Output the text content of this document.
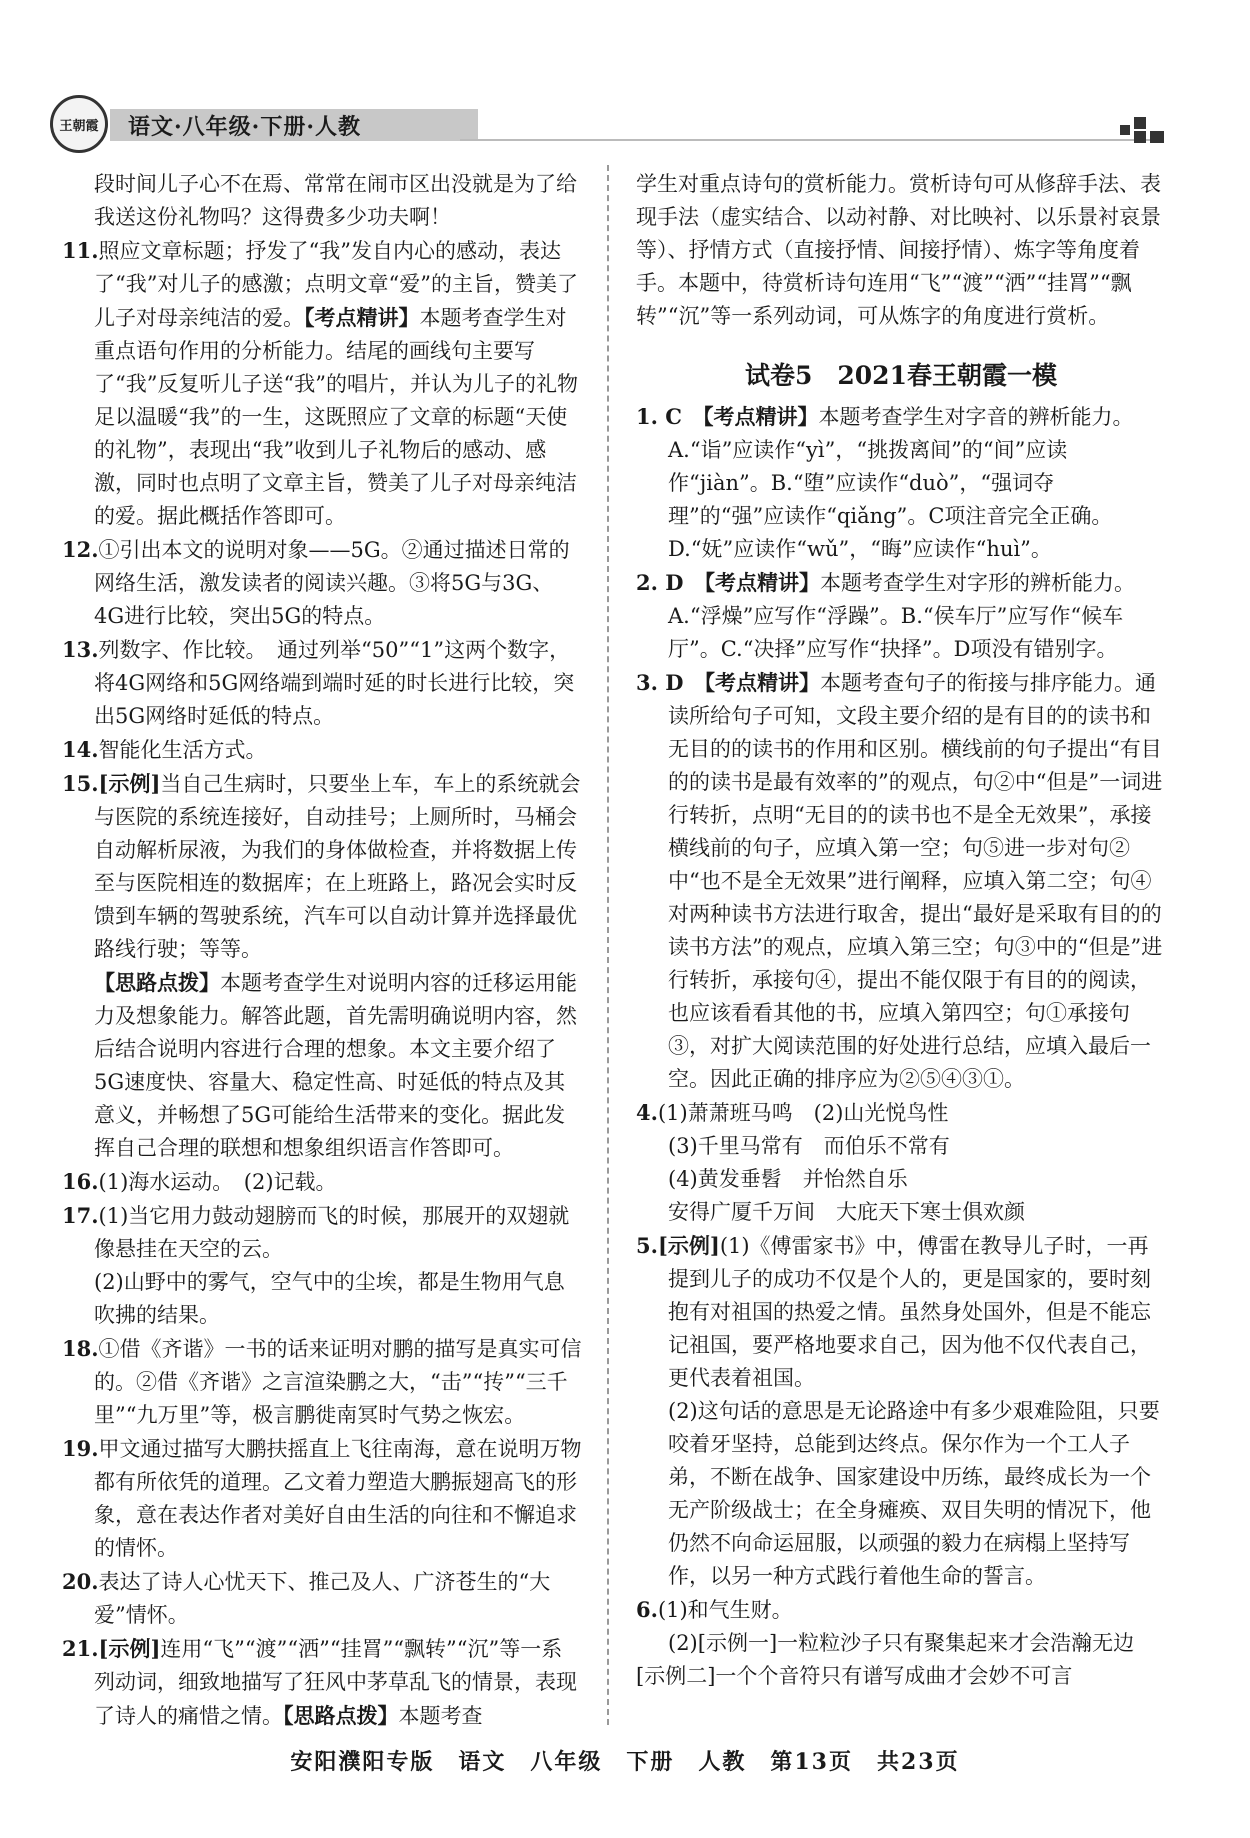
王朝霞	语文·八年级·下册·人教

段时间儿子心不在焉、常常在闹市区出没就是为了给我送这份礼物吗？这得费多少功夫啊！

11.照应文章标题；抒发了“我”发自内心的感动，表达了“我”对儿子的感激；点明文章“爱”的主旨，赞美了儿子对母亲纯洁的爱。【考点精讲】本题考查学生对重点语句作用的分析能力。结尾的画线句主要写了“我”反复听儿子送“我”的唱片，并认为儿子的礼物足以温暖“我”的一生，这既照应了文章的标题“天使的礼物”，表现出“我”收到儿子礼物后的感动、感激，同时也点明了文章主旨，赞美了儿子对母亲纯洁的爱。据此概括作答即可。

12.①引出本文的说明对象——5G。②通过描述日常的网络生活，激发读者的阅读兴趣。③将5G与3G、4G进行比较，突出5G的特点。

13.列数字、作比较。　通过列举“50”“1”这两个数字，将4G网络和5G网络端到端时延的时长进行比较，突出5G网络时延低的特点。

14.智能化生活方式。

15.[示例]当自己生病时，只要坐上车，车上的系统就会与医院的系统连接好，自动挂号；上厕所时，马桶会自动解析尿液，为我们的身体做检查，并将数据上传至与医院相连的数据库；在上班路上，路况会实时反馈到车辆的驾驶系统，汽车可以自动计算并选择最优路线行驶；等等。

【思路点拨】本题考查学生对说明内容的迁移运用能力及想象能力。解答此题，首先需明确说明内容，然后结合说明内容进行合理的想象。本文主要介绍了5G速度快、容量大、稳定性高、时延低的特点及其意义，并畅想了5G可能给生活带来的变化。据此发挥自己合理的联想和想象组织语言作答即可。

16.(1)海水运动。　(2)记载。

17.(1)当它用力鼓动翅膀而飞的时候，那展开的双翅就像悬挂在天空的云。

(2)山野中的雾气，空气中的尘埃，都是生物用气息吹拂的结果。

18.①借《齐谐》一书的话来证明对鹏的描写是真实可信的。②借《齐谐》之言渲染鹏之大，“击”“抟”“三千里”“九万里”等，极言鹏徙南冥时气势之恢宏。

19.甲文通过描写大鹏扶摇直上飞往南海，意在说明万物都有所依凭的道理。乙文着力塑造大鹏振翅高飞的形象，意在表达作者对美好自由生活的向往和不懈追求的情怀。

20.表达了诗人心忧天下、推己及人、广济苍生的“大爱”情怀。

21.[示例]连用“飞”“渡”“洒”“挂罥”“飘转”“沉”等一系列动词，细致地描写了狂风中茅草乱飞的情景，表现了诗人的痛惜之情。【思路点拨】本题考查

学生对重点诗句的赏析能力。赏析诗句可从修辞手法、表现手法（虚实结合、以动衬静、对比映衬、以乐景衬哀景等）、抒情方式（直接抒情、间接抒情）、炼字等角度着手。本题中，待赏析诗句连用“飞”“渡”“洒”“挂罥”“飘转”“沉”等一系列动词，可从炼字的角度进行赏析。

试卷5　2021春王朝霞一模

1. C　 【考点精讲】本题考查学生对字音的辨析能力。A.“诣”应读作“yì”，“挑拨离间”的“间”应读作“jiàn”。B.“堕”应读作“duò”，“强词夺理”的“强”应读作“qiǎng”。C项注音完全正确。D.“妩”应读作“wǔ”，“晦”应读作“huì”。

2. D　 【考点精讲】本题考查学生对字形的辨析能力。A.“浮燥”应写作“浮躁”。B.“侯车厅”应写作“候车厅”。C.“决择”应写作“抉择”。D项没有错别字。

3. D　 【考点精讲】本题考查句子的衔接与排序能力。通读所给句子可知，文段主要介绍的是有目的的读书和无目的的读书的作用和区别。横线前的句子提出“有目的的读书是最有效率的”的观点，句②中“但是”一词进行转折，点明“无目的的读书也不是全无效果”，承接横线前的句子，应填入第一空；句⑤进一步对句②中“也不是全无效果”进行阐释，应填入第二空；句④对两种读书方法进行取舍，提出“最好是采取有目的的读书方法”的观点，应填入第三空；句③中的“但是”进行转折，承接句④，提出不能仅限于有目的的阅读，也应该看看其他的书，应填入第四空；句①承接句③，对扩大阅读范围的好处进行总结，应填入最后一空。因此正确的排序应为②⑤④③①。

4.(1)萧萧班马鸣　(2)山光悦鸟性

(3)千里马常有　而伯乐不常有

(4)黄发垂髫　并怡然自乐

安得广厦千万间　大庇天下寒士俱欢颜

5.[示例](1)《傅雷家书》中，傅雷在教导儿子时，一再提到儿子的成功不仅是个人的，更是国家的，要时刻抱有对祖国的热爱之情。虽然身处国外，但是不能忘记祖国，要严格地要求自己，因为他不仅代表自己，更代表着祖国。

(2)这句话的意思是无论路途中有多少艰难险阻，只要咬着牙坚持，总能到达终点。保尔作为一个工人子弟，不断在战争、国家建设中历练，最终成长为一个无产阶级战士；在全身瘫痪、双目失明的情况下，他仍然不向命运屈服，以顽强的毅力在病榻上坚持写作，以另一种方式践行着他生命的誓言。

6.(1)和气生财。

(2)[示例一]一粒粒沙子只有聚集起来才会浩瀚无边

[示例二]一个个音符只有谱写成曲才会妙不可言

安阳濮阳专版　语文　八年级　下册　人教　第13页　共23页
